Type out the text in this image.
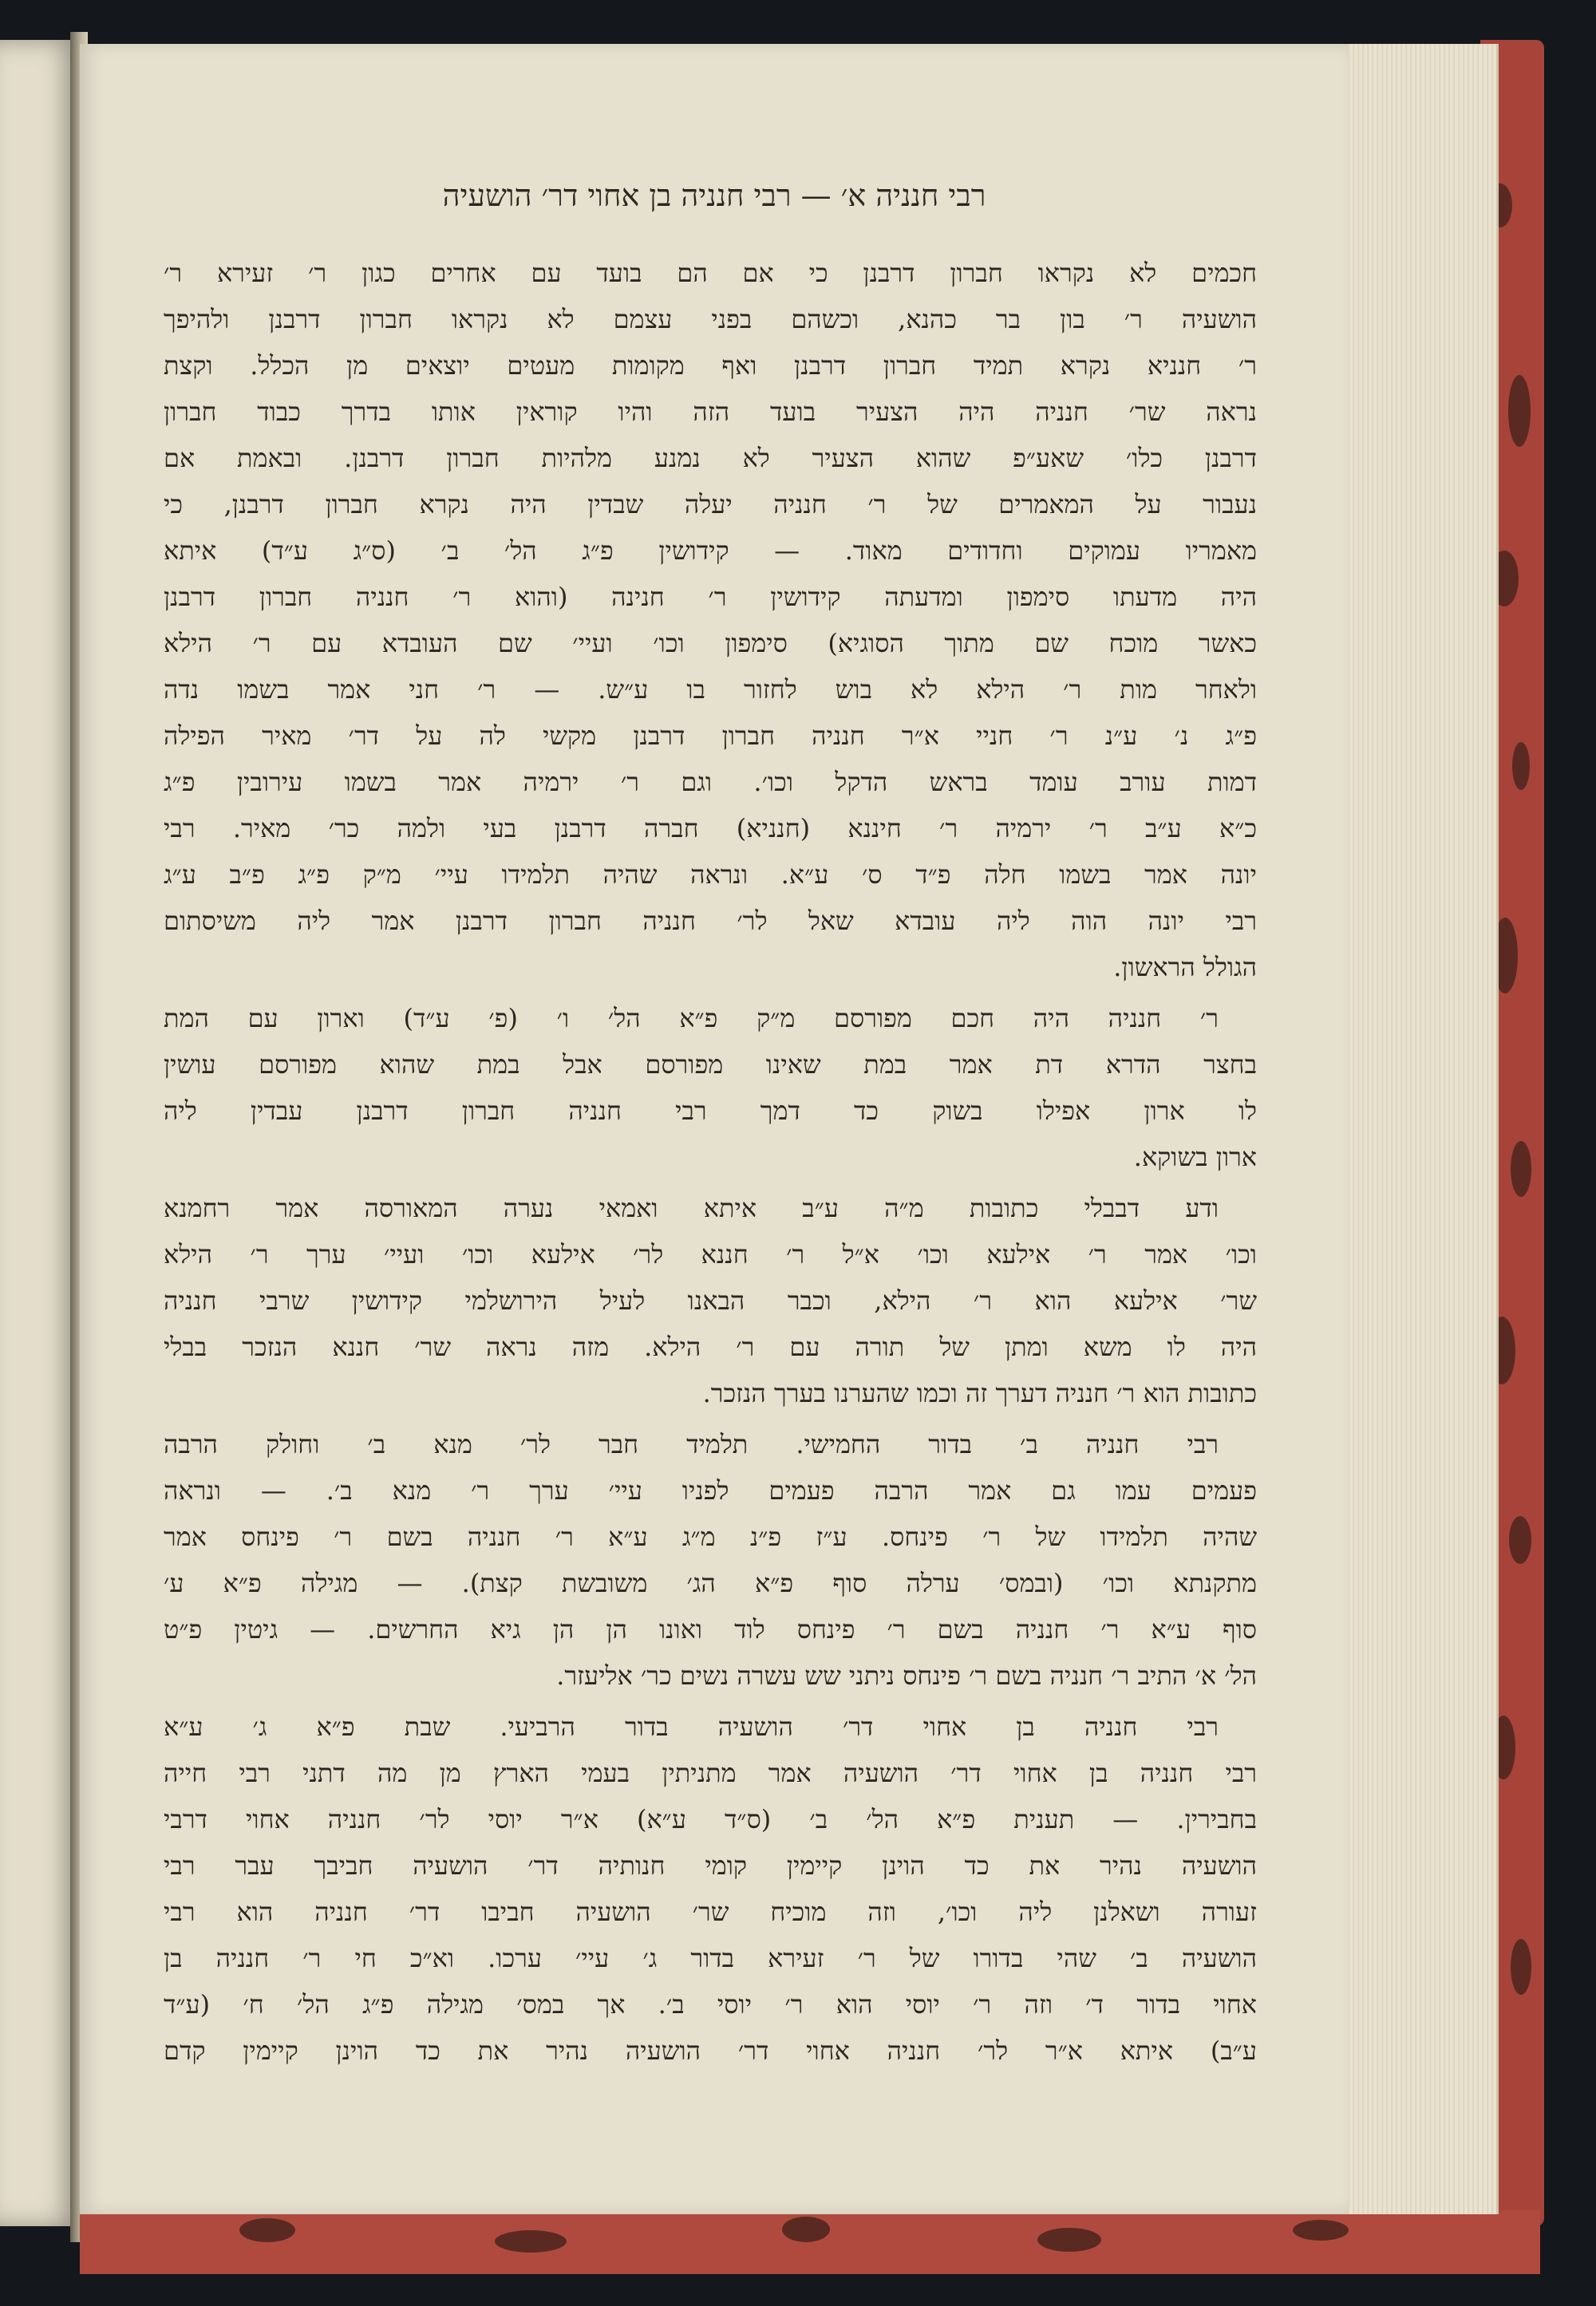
רבי חנניה א׳ — רבי חנניה בן אחוי דר׳ הושעיה
חכמים לא נקראו חברון דרבנן כי אם הם בועד עם אחרים כגון ר׳ זעירא ר׳
הושעיה ר׳ בון בר כהנא, וכשהם בפני עצמם לא נקראו חברון דרבנן ולהיפך
ר׳ חנניא נקרא תמיד חברון דרבנן ואף מקומות מעטים יוצאים מן הכלל. וקצת
נראה שר׳ חנניה היה הצעיר בועד הזה והיו קוראין אותו בדרך כבוד חברון
דרבנן כלו׳ שאע״פ שהוא הצעיר לא נמנע מלהיות חברון דרבנן. ובאמת אם
נעבור על המאמרים של ר׳ חנניה יעלה שבדין היה נקרא חברון דרבנן, כי
מאמריו עמוקים וחדודים מאוד. — קידושין פ״ג הל׳ ב׳ (ס״ג ע״ד) איתא
היה מדעתו סימפון ומדעתה קידושין ר׳ חנינה (והוא ר׳ חנניה חברון דרבנן
כאשר מוכח שם מתוך הסוגיא) סימפון וכו׳ ועיי׳ שם העובדא עם ר׳ הילא
ולאחר מות ר׳ הילא לא בוש לחזור בו ע״ש. — ר׳ חני אמר בשמו נדה
פ״ג נ׳ ע״נ ר׳ חניי א״ר חנניה חברון דרבנן מקשי לה על דר׳ מאיר הפילה
דמות עורב עומד בראש הדקל וכו׳. וגם ר׳ ירמיה אמר בשמו עירובין פ״ג
כ״א ע״ב ר׳ ירמיה ר׳ חיננא (חנניא) חברה דרבנן בעי ולמה כר׳ מאיר. רבי
יונה אמר בשמו חלה פ״ד ס׳ ע״א. ונראה שהיה תלמידו עיי׳ מ״ק פ״ג פ״ב ע״ג
רבי יונה הוה ליה עובדא שאל לר׳ חנניה חברון דרבנן אמר ליה משיסתום
הגולל הראשון.
ר׳ חנניה היה חכם מפורסם מ״ק פ״א הל׳ ו׳ (פ׳ ע״ד) וארון עם המת
בחצר הדרא דת אמר במת שאינו מפורסם אבל במת שהוא מפורסם עושין
לו ארון אפילו בשוק כד דמך רבי חנניה חברון דרבנן עבדין ליה
ארון בשוקא.
ודע דבבלי כתובות מ״ה ע״ב איתא ואמאי נערה המאורסה אמר רחמנא
וכו׳ אמר ר׳ אילעא וכו׳ א״ל ר׳ חננא לר׳ אילעא וכו׳ ועיי׳ ערך ר׳ הילא
שר׳ אילעא הוא ר׳ הילא, וכבר הבאנו לעיל הירושלמי קידושין שרבי חנניה
היה לו משא ומתן של תורה עם ר׳ הילא. מזה נראה שר׳ חננא הנזכר בבלי
כתובות הוא ר׳ חנניה דערך זה וכמו שהערנו בערך הנזכר.
רבי חנניה ב׳ בדור החמישי. תלמיד חבר לר׳ מנא ב׳ וחולק הרבה
פעמים עמו גם אמר הרבה פעמים לפניו עיי׳ ערך ר׳ מנא ב׳. — ונראה
שהיה תלמידו של ר׳ פינחס. ע״ז פ״נ מ״ג ע״א ר׳ חנניה בשם ר׳ פינחס אמר
מתקנתא וכו׳ (ובמס׳ ערלה סוף פ״א הג׳ משובשת קצת). — מגילה פ״א ע׳
סוף ע״א ר׳ חנניה בשם ר׳ פינחס לוד ואונו הן הן גיא החרשים. — גיטין פ״ט
הל׳ א׳ התיב ר׳ חנניה בשם ר׳ פינחס ניתני שש עשרה נשים כר׳ אליעזר.
רבי חנניה בן אחוי דר׳ הושעיה בדור הרביעי. שבת פ״א ג׳ ע״א
רבי חנניה בן אחוי דר׳ הושעיה אמר מתניתין בעמי הארץ מן מה דתני רבי חייה
בחבירין. — תענית פ״א הל׳ ב׳ (ס״ד ע״א) א״ר יוסי לר׳ חנניה אחוי דרבי
הושעיה נהיר את כד הוינן קיימין קומי חנותיה דר׳ הושעיה חביבך עבר רבי
זעורה ושאלנן ליה וכו׳, וזה מוכיח שר׳ הושעיה חביבו דר׳ חנניה הוא רבי
הושעיה ב׳ שהי בדורו של ר׳ זעירא בדור ג׳ עיי׳ ערכו. וא״כ חי ר׳ חנניה בן
אחוי בדור ד׳ וזה ר׳ יוסי הוא ר׳ יוסי ב׳. אך במס׳ מגילה פ״ג הל׳ ח׳ (ע״ד
ע״ב) איתא א״ר לר׳ חנניה אחוי דר׳ הושעיה נהיר את כד הוינן קיימין קדם
